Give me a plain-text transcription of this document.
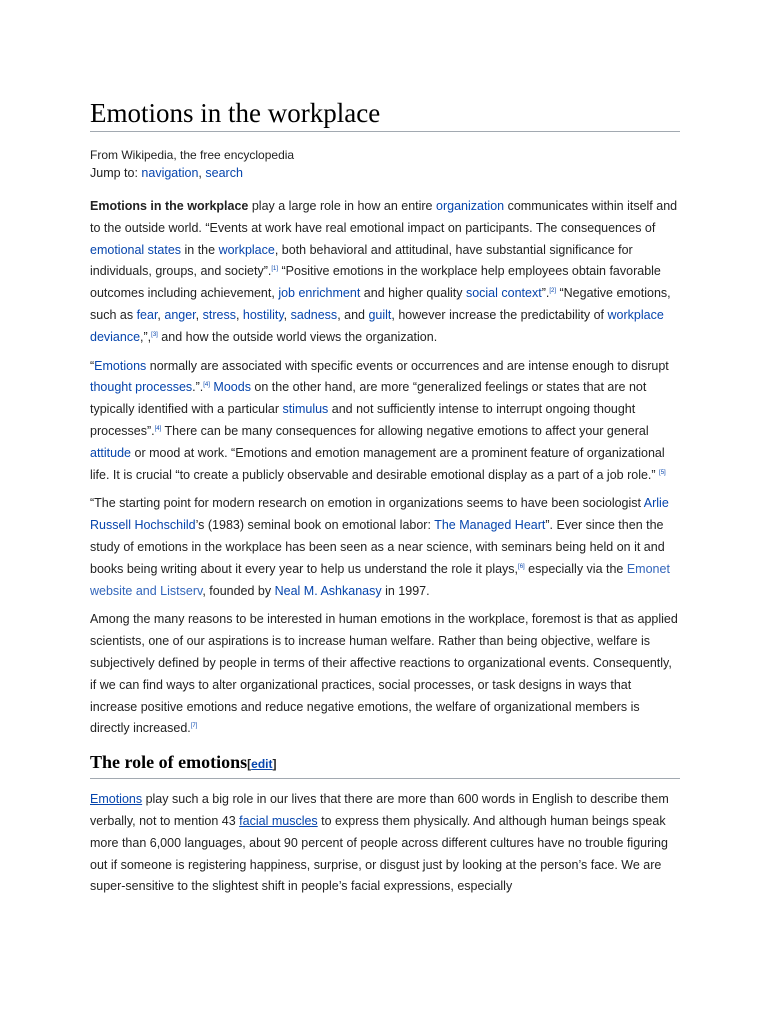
Emotions in the workplace
From Wikipedia, the free encyclopedia
Jump to: navigation, search

Emotions in the workplace play a large role in how an entire organization communicates within itself and to the outside world. “Events at work have real emotional impact on participants. The consequences of emotional states in the workplace, both behavioral and attitudinal, have substantial significance for individuals, groups, and society”.[1] “Positive emotions in the workplace help employees obtain favorable outcomes including achievement, job enrichment and higher quality social context”.[2] “Negative emotions, such as fear, anger, stress, hostility, sadness, and guilt, however increase the predictability of workplace deviance,”,[3] and how the outside world views the organization.

“Emotions normally are associated with specific events or occurrences and are intense enough to disrupt thought processes.”.[4] Moods on the other hand, are more “generalized feelings or states that are not typically identified with a particular stimulus and not sufficiently intense to interrupt ongoing thought processes”.[4] There can be many consequences for allowing negative emotions to affect your general attitude or mood at work. “Emotions and emotion management are a prominent feature of organizational life. It is crucial “to create a publicly observable and desirable emotional display as a part of a job role.” [5]

“The starting point for modern research on emotion in organizations seems to have been sociologist Arlie Russell Hochschild’s (1983) seminal book on emotional labor: The Managed Heart”. Ever since then the study of emotions in the workplace has been seen as a near science, with seminars being held on it and books being writing about it every year to help us understand the role it plays,[6] especially via the Emonet website and Listserv, founded by Neal M. Ashkanasy in 1997.

Among the many reasons to be interested in human emotions in the workplace, foremost is that as applied scientists, one of our aspirations is to increase human welfare. Rather than being objective, welfare is subjectively defined by people in terms of their affective reactions to organizational events. Consequently, if we can find ways to alter organizational practices, social processes, or task designs in ways that increase positive emotions and reduce negative emotions, the welfare of organizational members is directly increased.[7]

The role of emotions[edit]

Emotions play such a big role in our lives that there are more than 600 words in English to describe them verbally, not to mention 43 facial muscles to express them physically. And although human beings speak more than 6,000 languages, about 90 percent of people across different cultures have no trouble figuring out if someone is registering happiness, surprise, or disgust just by looking at the person’s face. We are super-sensitive to the slightest shift in people’s facial expressions, especially
